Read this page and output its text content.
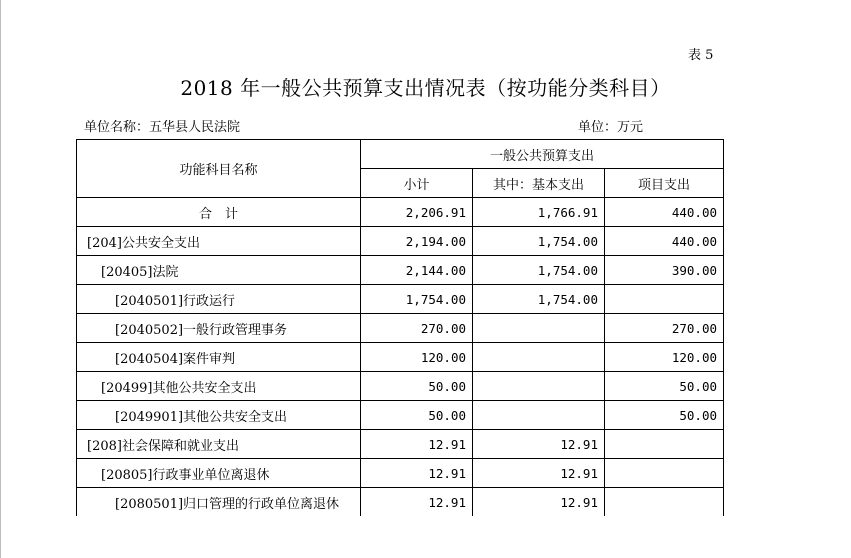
表 5
2018 年一般公共预算支出情况表（按功能分类科目）
单位名称：五华县人民法院	单位：万元
功能科目名称	一般公共预算支出		
	小计	其中：基本支出	项目支出
合　计	2,206.91	1,766.91	440.00
[204]公共安全支出	2,194.00	1,754.00	440.00
[20405]法院	2,144.00	1,754.00	390.00
[2040501]行政运行	1,754.00	1,754.00	
[2040502]一般行政管理事务	270.00		270.00
[2040504]案件审判	120.00		120.00
[20499]其他公共安全支出	50.00		50.00
[2049901]其他公共安全支出	50.00		50.00
[208]社会保障和就业支出	12.91	12.91	
[20805]行政事业单位离退休	12.91	12.91	
[2080501]归口管理的行政单位离退休	12.91	12.91	
